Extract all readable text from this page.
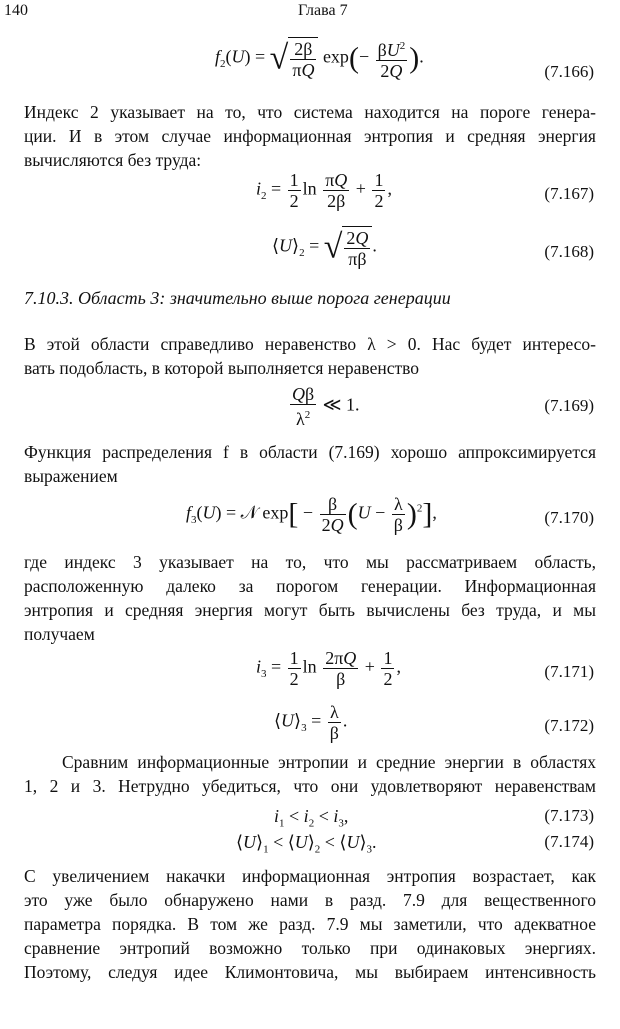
140	Глава 7
$f_2(U)$ = √ $\frac{2\beta}{\pi Q} \exp(- \frac{\beta U^2}{2Q}$ ).
(7.166)
Индекс 2 указывает на то, что система находится на пороге генера-
ции. И в этом случае информационная энтропия и средняя энергия
вычисляются без труда:
$i_2 = \frac{1}{2}$ $\ln \frac{\pi Q}{2\beta} + \frac{1}{2}$ ,	(7.167)
$⟨U⟩_2$ = √ $\frac{2Q}{\pi\beta}$ .	(7.168)
7.10.3. Область 3: значительно выше порога генерации
В этой области справедливо неравенство λ > 0. Нас будет интересо-
вать подобласть, в которой выполняется неравенство
$\frac{Q\beta}{\lambda^2}$ ≪ 1.	(7.169)
Функция распределения f в области (7.169) хорошо аппроксимируется
выражением
$f_3(U)$ = 𝒩 $\exp[ - \frac{\beta}{2Q} (U - \frac{\lambda}{\beta} )^2]$,	(7.170)
где индекс 3 указывает на то, что мы рассматриваем область,
расположенную далеко за порогом генерации. Информационная
энтропия и средняя энергия могут быть вычислены без труда, и мы
получаем
$i_3 = \frac{1}{2}$ $\ln \frac{2\pi Q}{\beta} + \frac{1}{2}$ ,	(7.171)
$⟨U⟩_3 = \frac{\lambda}{\beta}$ .	(7.172)
Сравним информационные энтропии и средние энергии в областях
1, 2 и 3. Нетрудно убедиться, что они удовлетворяют неравенствам
$i_1 < i_2 < i_3$,	(7.173)
$⟨U⟩_1$ < $⟨U⟩_2$ < $⟨U⟩_3$.	(7.174)
С увеличением накачки информационная энтропия возрастает, как
это уже было обнаружено нами в разд. 7.9 для вещественного
параметра порядка. В том же разд. 7.9 мы заметили, что адекватное
сравнение энтропий возможно только при одинаковых энергиях.
Поэтому, следуя идее Климонтовича, мы выбираем интенсивность
